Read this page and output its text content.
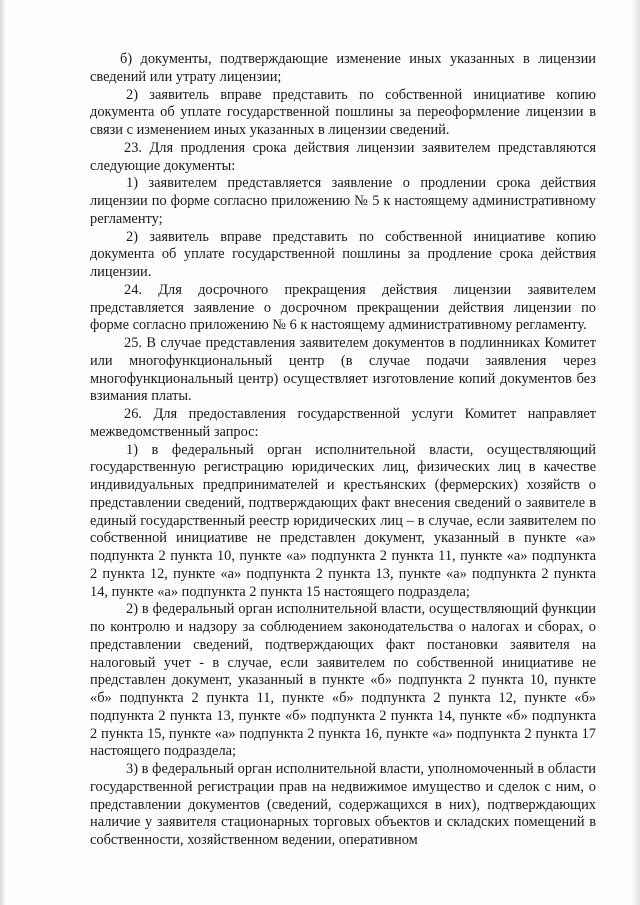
б) документы, подтверждающие изменение иных указанных в лицензии сведений или утрату лицензии;

2) заявитель вправе представить по собственной инициативе копию документа об уплате государственной пошлины за переоформление лицензии в связи с изменением иных указанных в лицензии сведений.

23. Для продления срока действия лицензии заявителем представляются следующие документы:

1) заявителем представляется заявление о продлении срока действия лицензии по форме согласно приложению № 5 к настоящему административному регламенту;

2) заявитель вправе представить по собственной инициативе копию документа об уплате государственной пошлины за продление срока действия лицензии.

24. Для досрочного прекращения действия лицензии заявителем представляется заявление о досрочном прекращении действия лицензии по форме согласно приложению № 6 к настоящему административному регламенту.

25. В случае представления заявителем документов в подлинниках Комитет или многофункциональный центр (в случае подачи заявления через многофункциональный центр) осуществляет изготовление копий документов без взимания платы.

26. Для предоставления государственной услуги Комитет направляет межведомственный запрос:

1) в федеральный орган исполнительной власти, осуществляющий государственную регистрацию юридических лиц, физических лиц в качестве индивидуальных предпринимателей и крестьянских (фермерских) хозяйств о представлении сведений, подтверждающих факт внесения сведений о заявителе в единый государственный реестр юридических лиц – в случае, если заявителем по собственной инициативе не представлен документ, указанный в пункте «а» подпункта 2 пункта 10, пункте «а» подпункта 2 пункта 11, пункте «а» подпункта 2 пункта 12, пункте «а» подпункта 2 пункта 13, пункте «а» подпункта 2 пункта 14, пункте «а» подпункта 2 пункта 15 настоящего подраздела;

2) в федеральный орган исполнительной власти, осуществляющий функции по контролю и надзору за соблюдением законодательства о налогах и сборах, о представлении сведений, подтверждающих факт постановки заявителя на налоговый учет - в случае, если заявителем по собственной инициативе не представлен документ, указанный в пункте «б» подпункта 2 пункта 10, пункте «б» подпункта 2 пункта 11, пункте «б» подпункта 2 пункта 12, пункте «б» подпункта 2 пункта 13, пункте «б» подпункта 2 пункта 14, пункте «б» подпункта 2 пункта 15, пункте «а» подпункта 2 пункта 16, пункте «а» подпункта 2 пункта 17 настоящего подраздела;

3) в федеральный орган исполнительной власти, уполномоченный в области государственной регистрации прав на недвижимое имущество и сделок с ним, о представлении документов (сведений, содержащихся в них), подтверждающих наличие у заявителя стационарных торговых объектов и складских помещений в собственности, хозяйственном ведении, оперативном
